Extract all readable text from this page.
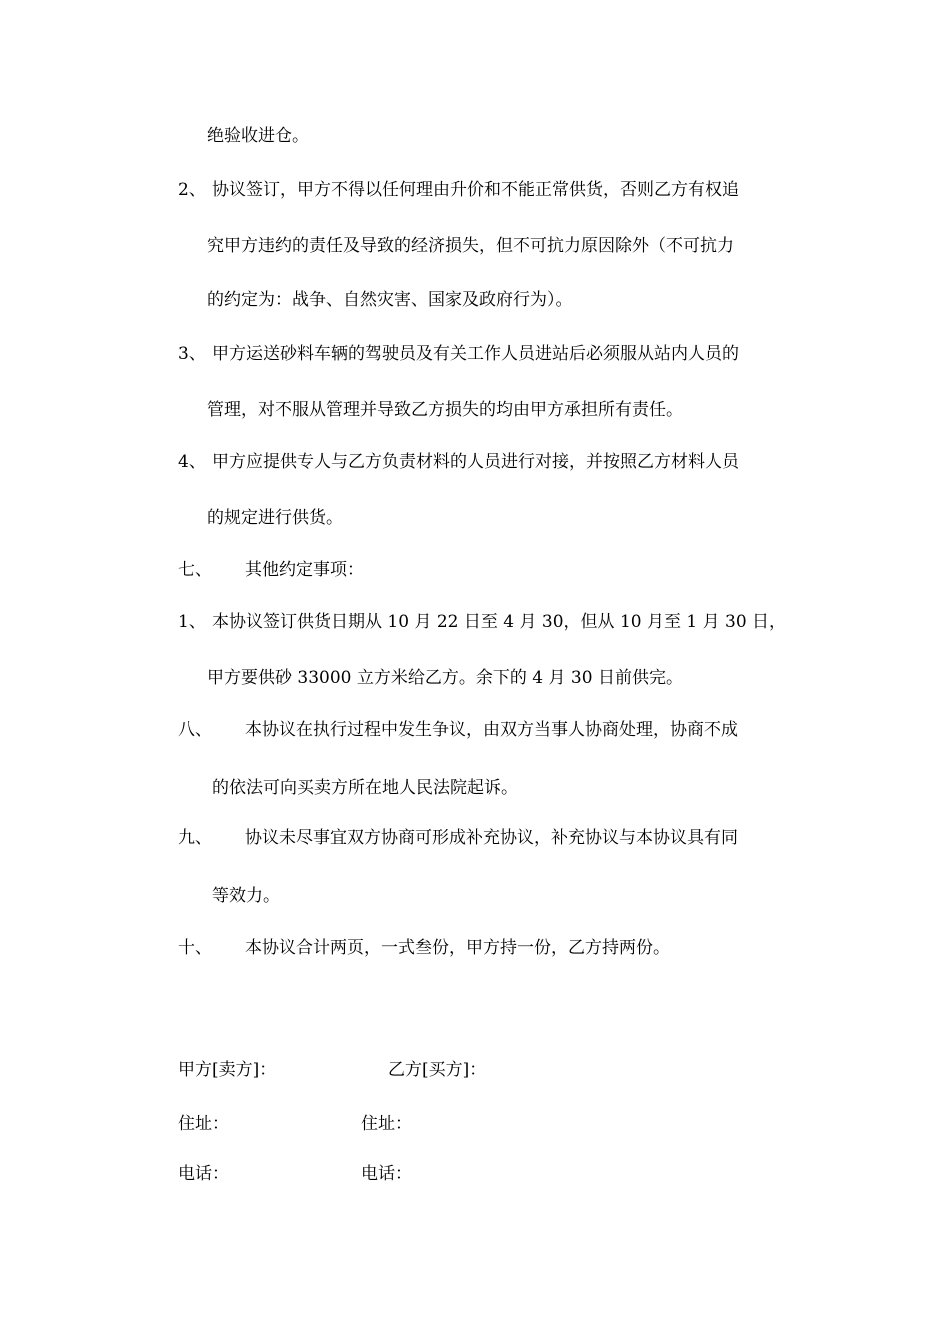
绝验收进仓。
2、 协议签订，甲方不得以任何理由升价和不能正常供货，否则乙方有权追
究甲方违约的责任及导致的经济损失，但不可抗力原因除外（不可抗力
的约定为：战争、自然灾害、国家及政府行为）。
3、 甲方运送砂料车辆的驾驶员及有关工作人员进站后必须服从站内人员的
管理，对不服从管理并导致乙方损失的均由甲方承担所有责任。
4、 甲方应提供专人与乙方负责材料的人员进行对接，并按照乙方材料人员
的规定进行供货。
七、 其他约定事项：
1、 本协议签订供货日期从 10 月 22 日至 4 月 30，但从 10 月至 1 月 30 日，
甲方要供砂 33000 立方米给乙方。余下的 4 月 30 日前供完。
八、 本协议在执行过程中发生争议，由双方当事人协商处理，协商不成
的依法可向买卖方所在地人民法院起诉。
九、 协议未尽事宜双方协商可形成补充协议，补充协议与本协议具有同
等效力。
十、 本协议合计两页，一式叁份，甲方持一份，乙方持两份。
甲方[卖方]：	乙方[买方]：
住址：	住址：
电话：	电话：
